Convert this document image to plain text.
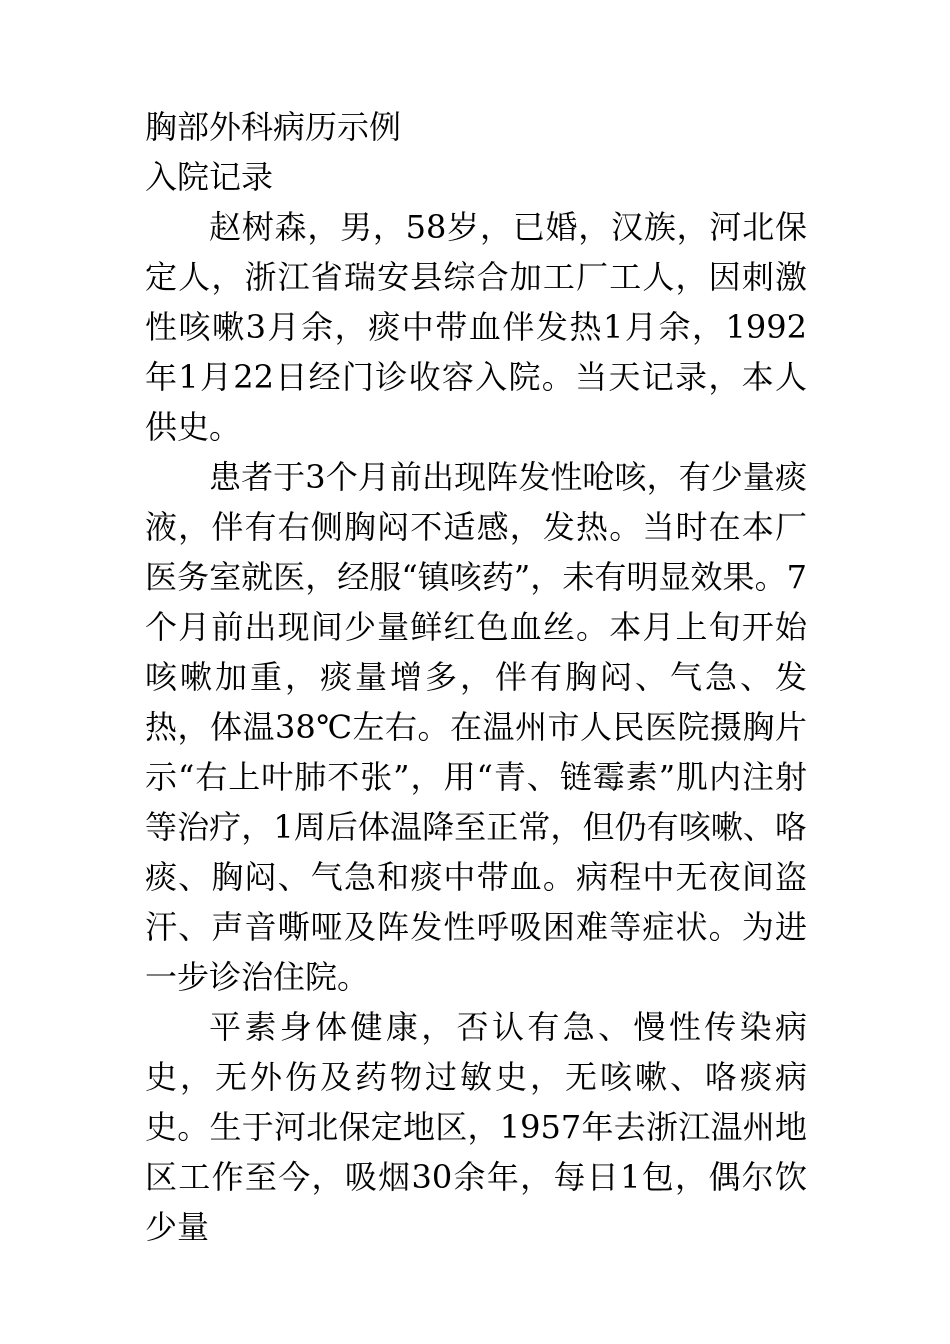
胸部外科病历示例
入院记录

赵树森，男，58岁，已婚，汉族，河北保定人，浙江省瑞安县综合加工厂工人，因刺激性咳嗽3月余，痰中带血伴发热1月余，1992年1月22日经门诊收容入院。当天记录，本人供史。

患者于3个月前出现阵发性呛咳，有少量痰液，伴有右侧胸闷不适感，发热。当时在本厂医务室就医，经服“镇咳药”，未有明显效果。7个月前出现间少量鲜红色血丝。本月上旬开始咳嗽加重，痰量增多，伴有胸闷、气急、发热，体温38℃左右。在温州市人民医院摄胸片示“右上叶肺不张”，用“青、链霉素”肌内注射等治疗，1周后体温降至正常，但仍有咳嗽、咯痰、胸闷、气急和痰中带血。病程中无夜间盗汗、声音嘶哑及阵发性呼吸困难等症状。为进一步诊治住院。

平素身体健康，否认有急、慢性传染病史，无外伤及药物过敏史，无咳嗽、咯痰病史。生于河北保定地区，1957年去浙江温州地区工作至今，吸烟30余年，每日1包，偶尔饮少量
